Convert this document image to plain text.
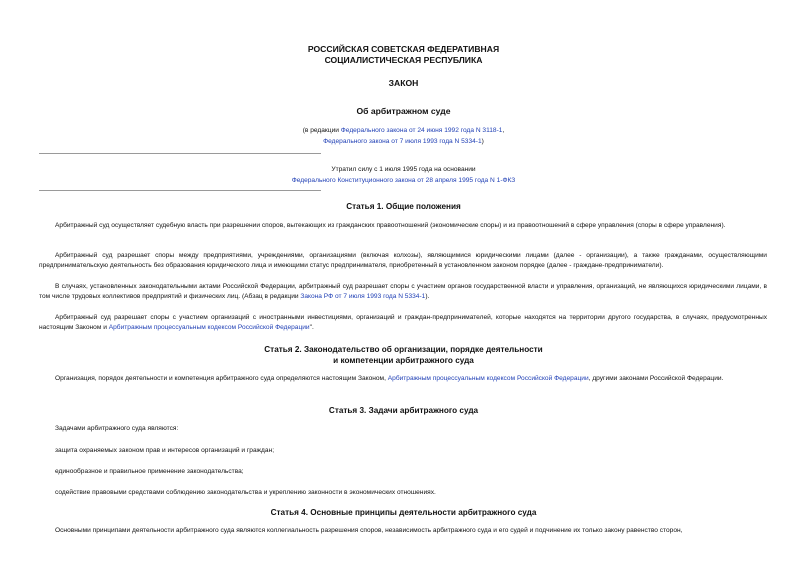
РОССИЙСКАЯ СОВЕТСКАЯ ФЕДЕРАТИВНАЯ
СОЦИАЛИСТИЧЕСКАЯ РЕСПУБЛИКА
ЗАКОН
Об арбитражном суде
(в редакции Федерального закона от 24 июня 1992 года N 3118-1,
Федерального закона от 7 июля 1993 года N 5334-1)
Утратил силу с 1 июля 1995 года на основании
Федерального Конституционного закона от 28 апреля 1995 года N 1-ФКЗ
Статья 1. Общие положения
Арбитражный суд осуществляет судебную власть при разрешении споров, вытекающих из гражданских правоотношений (экономические споры) и из правоотношений в сфере управления (споры в сфере управления).
Арбитражный суд разрешает споры между предприятиями, учреждениями, организациями (включая колхозы), являющимися юридическими лицами (далее - организации), а также гражданами, осуществляющими предпринимательскую деятельность без образования юридического лица и имеющими статус предпринимателя, приобретенный в установленном законом порядке (далее - граждане-предприниматели).
В случаях, установленных законодательными актами Российской Федерации, арбитражный суд разрешает споры с участием органов государственной власти и управления, организаций, не являющихся юридическими лицами, в том числе трудовых коллективов предприятий и физических лиц. (Абзац в редакции Закона РФ от 7 июля 1993 года N 5334-1).
Арбитражный суд разрешает споры с участием организаций с иностранными инвестициями, организаций и граждан-предпринимателей, которые находятся на территории другого государства, в случаях, предусмотренных настоящим Законом и Арбитражным процессуальным кодексом Российской Федерации".
Статья 2. Законодательство об организации, порядке деятельности
и компетенции арбитражного суда
Организация, порядок деятельности и компетенция арбитражного суда определяются настоящим Законом, Арбитражным процессуальным кодексом Российской Федерации, другими законами Российской Федерации.
Статья 3. Задачи арбитражного суда
Задачами арбитражного суда являются:
защита охраняемых законом прав и интересов организаций и граждан;
единообразное и правильное применение законодательства;
содействие правовыми средствами соблюдению законодательства и укреплению законности в экономических отношениях.
Статья 4. Основные принципы деятельности арбитражного суда
Основными принципами деятельности арбитражного суда являются коллегиальность разрешения споров, независимость арбитражного суда и его судей и подчинение их только закону равенство сторон,
